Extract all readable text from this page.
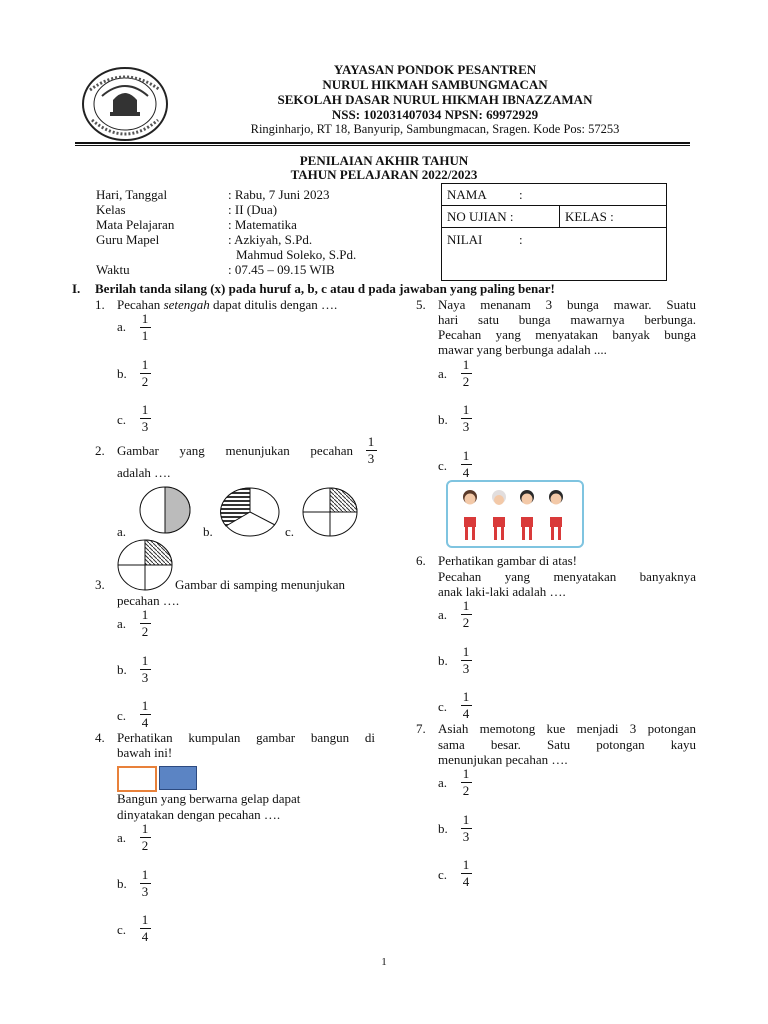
YAYASAN PONDOK PESANTREN
NURUL HIKMAH SAMBUNGMACAN
SEKOLAH DASAR NURUL HIKMAH IBNAZZAMAN
NSS: 102031407034 NPSN: 69972929
Ringinharjo, RT 18, Banyurip, Sambungmacan, Sragen. Kode Pos: 57253
PENILAIAN AKHIR TAHUN
TAHUN PELAJARAN 2022/2023
Hari, Tanggal	: Rabu, 7 Juni 2023
Kelas	: II (Dua)
Mata Pelajaran	: Matematika
Guru Mapel	: Azkiyah, S.Pd.
Mahmud Soleko, S.Pd.
Waktu	: 07.45 – 09.15 WIB
NAMA :
NO UJIAN :	KELAS :
NILAI	:
I. Berilah tanda silang (x) pada huruf a, b, c atau d pada jawaban yang paling benar!
1. Pecahan setengah dapat ditulis dengan ….
a.
1
1
b.
1
2
c.
1
3
2. Gambar yang menunjukan pecahan
1
3
adalah ….
a.	b.	c.
3.	Gambar di samping menunjukan
pecahan ….
a.
1
2
b.
1
3
c.
1
4
4. Perhatikan kumpulan gambar bangun di
bawah ini!
Bangun yang berwarna gelap dapat
dinyatakan dengan pecahan ….
a.
1
2
b.
1
3
c.
1
4
5. Naya menanam 3 bunga mawar. Suatu
hari satu bunga mawarnya berbunga.
Pecahan yang menyatakan banyak bunga
mawar yang berbunga adalah ....
a.
1
2
b.
1
3
c.
1
4
6. Perhatikan gambar di atas!
Pecahan yang menyatakan banyaknya
anak laki-laki adalah ….
a.
1
2
b.
1
3
c.
1
4
7. Asiah memotong kue menjadi 3 potongan
sama besar. Satu potongan kayu
menunjukan pecahan ….
a.
1
2
b.
1
3
c.
1
4
1
